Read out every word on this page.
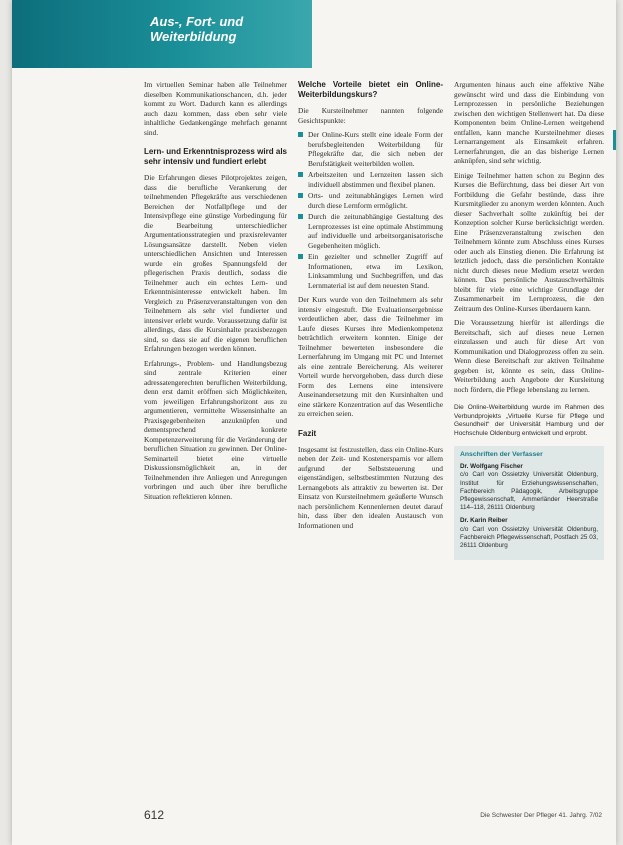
Aus-, Fort- und Weiterbildung

Im virtuellen Seminar haben alle Teilnehmer dieselben Kommunikationschancen, d.h. jeder kommt zu Wort. Dadurch kann es allerdings auch dazu kommen, dass eben sehr viele inhaltliche Gedankengänge mehrfach genannt sind.

Lern- und Erkenntnisprozess wird als sehr intensiv und fundiert erlebt

Die Erfahrungen dieses Pilotprojektes zeigen, dass die berufliche Verankerung der teilnehmenden Pflegekräfte aus verschiedenen Bereichen der Notfallpflege und der Intensivpflege eine günstige Vorbedingung für die Bearbeitung unterschiedlicher Argumentationsstrategien und praxisrelevanter Lösungsansätze darstellt. Neben vielen unterschiedlichen Ansichten und Interessen wurde ein großes Spannungsfeld der pflegerischen Praxis deutlich, sodass die Teilnehmer auch ein echtes Lern- und Erkenntnisinteresse entwickelt haben. Im Vergleich zu Präsenzveranstaltungen von den Teilnehmern als sehr viel fundierter und intensiver erlebt wurde. Voraussetzung dafür ist allerdings, dass die Kursinhalte praxisbezogen sind, so dass sie auf die eigenen beruflichen Erfahrungen bezogen werden können.

Erfahrungs-, Problem- und Handlungsbezug sind zentrale Kriterien einer adressatengerechten beruflichen Weiterbildung, denn erst damit eröffnen sich Möglichkeiten, vom jeweiligen Erfahrungshorizont aus zu argumentieren, vermittelte Wissensinhalte an Praxisgegebenheiten anzuknüpfen und dementsprechend konkrete Kompetenzerweiterung für die Veränderung der beruflichen Situation zu gewinnen. Der Online-Seminarteil bietet eine virtuelle Diskussionsmöglichkeit an, in der Teilnehmenden ihre Anliegen und Anregungen vorbringen und auch über ihre berufliche Situation reflektieren können.

Welche Vorteile bietet ein Online-Weiterbildungskurs?

Die Kursteilnehmer nannten folgende Gesichtspunkte:

Der Online-Kurs stellt eine ideale Form der berufsbegleitenden Weiterbildung für Pflegekräfte dar, die sich neben der Berufstätigkeit weiterbilden wollen.
Arbeitszeiten und Lernzeiten lassen sich individuell abstimmen und flexibel planen.
Orts- und zeitunabhängiges Lernen wird durch diese Lernform ermöglicht.
Durch die zeitunabhängige Gestaltung des Lernprozesses ist eine optimale Abstimmung auf individuelle und arbeitsorganisatorische Gegebenheiten möglich.
Ein gezielter und schneller Zugriff auf Informationen, etwa im Lexikon, Linksammlung und Suchbegriffen, und das Lernmaterial ist auf dem neuesten Stand.

Der Kurs wurde von den Teilnehmern als sehr intensiv eingestuft. Die Evaluationsergebnisse verdeutlichen aber, dass die Teilnehmer im Laufe dieses Kurses ihre Medienkompetenz beträchtlich erweitern konnten. Einige der Teilnehmer bewerteten insbesondere die Lernerfahrung im Umgang mit PC und Internet als eine zentrale Bereicherung. Als weiterer Vorteil wurde hervorgehoben, dass durch diese Form des Lernens eine intensivere Auseinandersetzung mit den Kursinhalten und eine stärkere Konzentration auf das Wesentliche zu erreichen seien.

Fazit

Insgesamt ist festzustellen, dass ein Online-Kurs neben der Zeit- und Kostenersparnis vor allem aufgrund der Selbststeuerung und eigenständigen, selbstbestimmten Nutzung des Lernangebots als attraktiv zu bewerten ist. Der Einsatz von Kursteilnehmern geäußerte Wunsch nach persönlichem Kennenlernen deutet darauf hin, dass über den idealen Austausch von Informationen und

Argumenten hinaus auch eine affektive Nähe gewünscht wird und dass die Einbindung von Lernprozessen in persönliche Beziehungen zwischen den wichtigen Stellenwert hat. Da diese Komponenten beim Online-Lernen weitgehend entfallen, kann manche Kursteilnehmer dieses Lernarrangement als Einsamkeit erfahren. Lernerfahrungen, die an das bisherige Lernen anknüpfen, sind sehr wichtig.

Einige Teilnehmer hatten schon zu Beginn des Kurses die Befürchtung, dass bei dieser Art von Fortbildung die Gefahr bestünde, dass ihre Kursmitglieder zu anonym werden könnten. Auch dieser Sachverhalt sollte zukünftig bei der Konzeption solcher Kurse berücksichtigt werden. Eine Präsenzveranstaltung zwischen den Teilnehmern könnte zum Abschluss eines Kurses oder auch als Einstieg dienen. Die Erfahrung ist letztlich jedoch, dass die persönlichen Kontakte nicht durch dieses neue Medium ersetzt werden können. Das persönliche Austauschverhältnis bleibt für viele eine wichtige Grundlage der Zusammenarbeit im Lernprozess, die den Zeitraum des Online-Kurses überdauern kann.

Die Voraussetzung hierfür ist allerdings die Bereitschaft, sich auf dieses neue Lernen einzulassen und auch für diese Art von Kommunikation und Dialogprozess offen zu sein. Wenn diese Bereitschaft zur aktiven Teilnahme gegeben ist, könnte es sein, dass Online-Weiterbildung auch Angebote der Kursleitung noch fördern, die Pflege lebenslang zu lernen.

Die Online-Weiterbildung wurde im Rahmen des Verbundprojekts „Virtuelle Kurse für Pflege und Gesundheit“ der Universität Hamburg und der Hochschule Oldenburg entwickelt und erprobt.
Anschriften der Verfasser
Dr. Wolfgang Fischer
c/o Carl von Ossietzky Universität Oldenburg, Institut für Erziehungswissenschaften, Fachbereich Pädagogik, Arbeitsgruppe Pflegewissenschaft, Ammerländer Heerstraße 114–118, 26111 Oldenburg
Dr. Karin Reiber
c/o Carl von Ossietzky Universität Oldenburg, Fachbereich Pflegewissenschaft, Postfach 25 03, 26111 Oldenburg
612	Die Schwester Der Pfleger 41. Jahrg. 7/02
